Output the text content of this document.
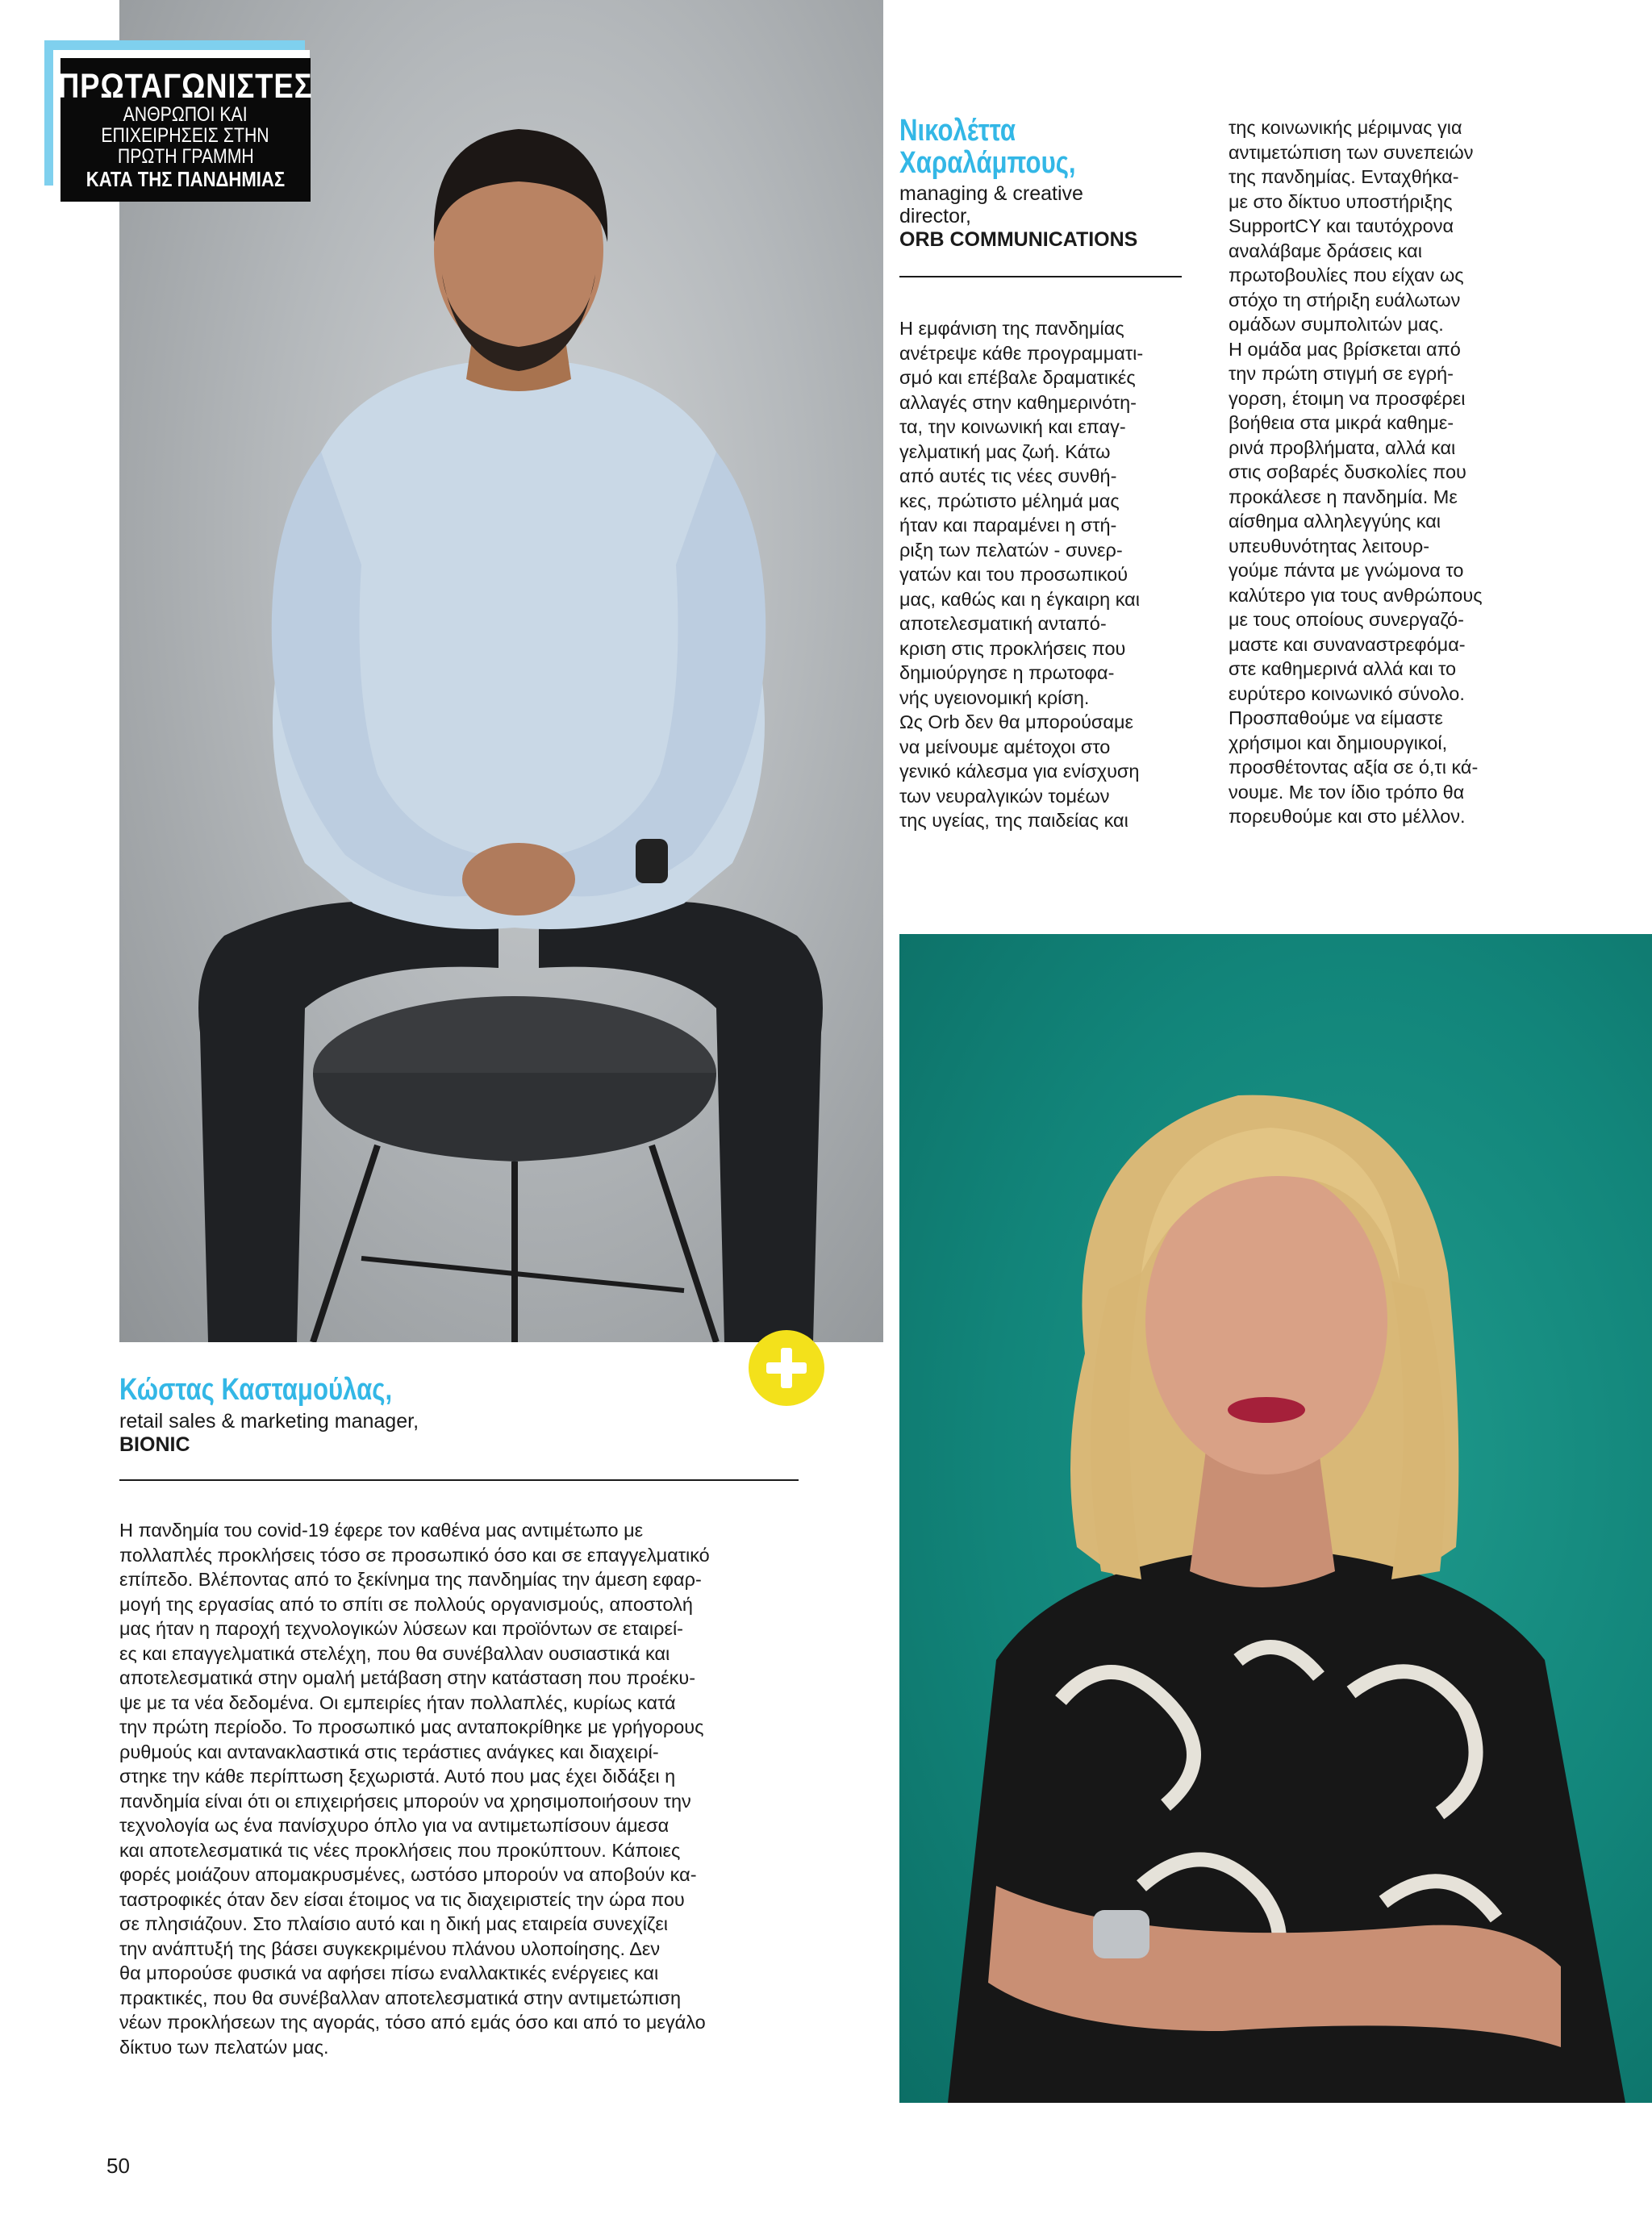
ΠΡΩΤΑΓΩΝΙΣΤΕΣ
ΑΝΘΡΩΠΟΙ ΚΑΙ
ΕΠΙΧΕΙΡΗΣΕΙΣ ΣΤΗΝ
ΠΡΩΤΗ ΓΡΑΜΜΗ
ΚΑΤΑ ΤΗΣ ΠΑΝΔΗΜΙΑΣ
Νικολέττα
Χαραλάμπους,
managing & creative
director,
ORB COMMUNICATIONS

Η εμφάνιση της πανδημίας

ανέτρεψε κάθε προγραμματι-

σμό και επέβαλε δραματικές

αλλαγές στην καθημερινότη-

τα, την κοινωνική και επαγ-

γελματική μας ζωή. Κάτω

από αυτές τις νέες συνθή-

κες, πρώτιστο μέλημά μας

ήταν και παραμένει η στή-

ριξη των πελατών - συνερ-

γατών και του προσωπικού

μας, καθώς και η έγκαιρη και

αποτελεσματική ανταπό-

κριση στις προκλήσεις που

δημιούργησε η πρωτοφα-

νής υγειονομική κρίση.

Ως Orb δεν θα μπορούσαμε

να μείνουμε αμέτοχοι στο

γενικό κάλεσμα για ενίσχυση

των νευραλγικών τομέων

της υγείας, της παιδείας και

της κοινωνικής μέριμνας για

αντιμετώπιση των συνεπειών

της πανδημίας. Ενταχθήκα-

με στο δίκτυο υποστήριξης

SupportCY και ταυτόχρονα

αναλάβαμε δράσεις και

πρωτοβουλίες που είχαν ως

στόχο τη στήριξη ευάλωτων

ομάδων συμπολιτών μας.

Η ομάδα μας βρίσκεται από

την πρώτη στιγμή σε εγρή-

γορση, έτοιμη να προσφέρει

βοήθεια στα μικρά καθημε-

ρινά προβλήματα, αλλά και

στις σοβαρές δυσκολίες που

προκάλεσε η πανδημία. Με

αίσθημα αλληλεγγύης και

υπευθυνότητας λειτουρ-

γούμε πάντα με γνώμονα το

καλύτερο για τους ανθρώπους

με τους οποίους συνεργαζό-

μαστε και συναναστρεφόμα-

στε καθημερινά αλλά και το

ευρύτερο κοινωνικό σύνολο.

Προσπαθούμε να είμαστε

χρήσιμοι και δημιουργικοί,

προσθέτοντας αξία σε ό,τι κά-

νουμε. Με τον ίδιο τρόπο θα

πορευθούμε και στο μέλλον.

Κώστας Κασταμούλας,
retail sales & marketing manager,
BIONIC

Η πανδημία του covid-19 έφερε τον καθένα μας αντιμέτωπο με

πολλαπλές προκλήσεις τόσο σε προσωπικό όσο και σε επαγγελματικό

επίπεδο. Βλέποντας από το ξεκίνημα της πανδημίας την άμεση εφαρ-

μογή της εργασίας από το σπίτι σε πολλούς οργανισμούς, αποστολή

μας ήταν η παροχή τεχνολογικών λύσεων και προϊόντων σε εταιρεί-

ες και επαγγελματικά στελέχη, που θα συνέβαλλαν ουσιαστικά και

αποτελεσματικά στην ομαλή μετάβαση στην κατάσταση που προέκυ-

ψε με τα νέα δεδομένα. Οι εμπειρίες ήταν πολλαπλές, κυρίως κατά

την πρώτη περίοδο. Το προσωπικό μας ανταποκρίθηκε με γρήγορους

ρυθμούς και αντανακλαστικά στις τεράστιες ανάγκες και διαχειρί-

στηκε την κάθε περίπτωση ξεχωριστά. Αυτό που μας έχει διδάξει η

πανδημία είναι ότι οι επιχειρήσεις μπορούν να χρησιμοποιήσουν την

τεχνολογία ως ένα πανίσχυρο όπλο για να αντιμετωπίσουν άμεσα

και αποτελεσματικά τις νέες προκλήσεις που προκύπτουν. Κάποιες

φορές μοιάζουν απομακρυσμένες, ωστόσο μπορούν να αποβούν κα-

ταστροφικές όταν δεν είσαι έτοιμος να τις διαχειριστείς την ώρα που

σε πλησιάζουν. Στο πλαίσιο αυτό και η δική μας εταιρεία συνεχίζει

την ανάπτυξή της βάσει συγκεκριμένου πλάνου υλοποίησης. Δεν

θα μπορούσε φυσικά να αφήσει πίσω εναλλακτικές ενέργειες και

πρακτικές, που θα συνέβαλλαν αποτελεσματικά στην αντιμετώπιση

νέων προκλήσεων της αγοράς, τόσο από εμάς όσο και από το μεγάλο

δίκτυο των πελατών μας.

50
